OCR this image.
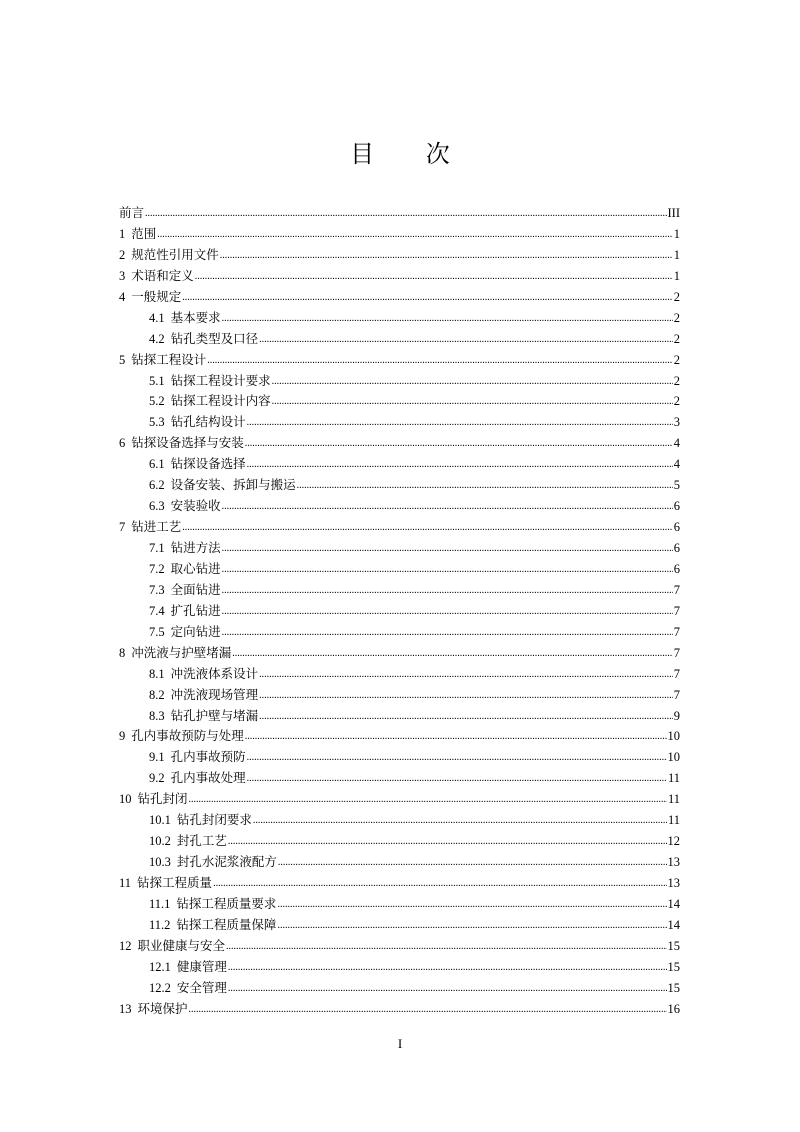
目 次
前言 .....	III
1 范围 .....	1
2 规范性引用文件 .....	1
3 术语和定义 .....	1
4 一般规定 .....	2
4.1 基本要求 .....	2
4.2 钻孔类型及口径 .....	2
5 钻探工程设计 .....	2
5.1 钻探工程设计要求 .....	2
5.2 钻探工程设计内容 .....	2
5.3 钻孔结构设计 .....	3
6 钻探设备选择与安装 .....	4
6.1 钻探设备选择 .....	4
6.2 设备安装、拆卸与搬运 .....	5
6.3 安装验收 .....	6
7 钻进工艺 .....	6
7.1 钻进方法 .....	6
7.2 取心钻进 .....	6
7.3 全面钻进 .....	7
7.4 扩孔钻进 .....	7
7.5 定向钻进 .....	7
8 冲洗液与护壁堵漏 .....	7
8.1 冲洗液体系设计 .....	7
8.2 冲洗液现场管理 .....	7
8.3 钻孔护壁与堵漏 .....	9
9 孔内事故预防与处理 .....	10
9.1 孔内事故预防 .....	10
9.2 孔内事故处理 .....	11
10 钻孔封闭 .....	11
10.1 钻孔封闭要求 .....	11
10.2 封孔工艺 .....	12
10.3 封孔水泥浆液配方 .....	13
11 钻探工程质量 .....	13
11.1 钻探工程质量要求 .....	14
11.2 钻探工程质量保障 .....	14
12 职业健康与安全 .....	15
12.1 健康管理 .....	15
12.2 安全管理 .....	15
13 环境保护 .....	16
I
